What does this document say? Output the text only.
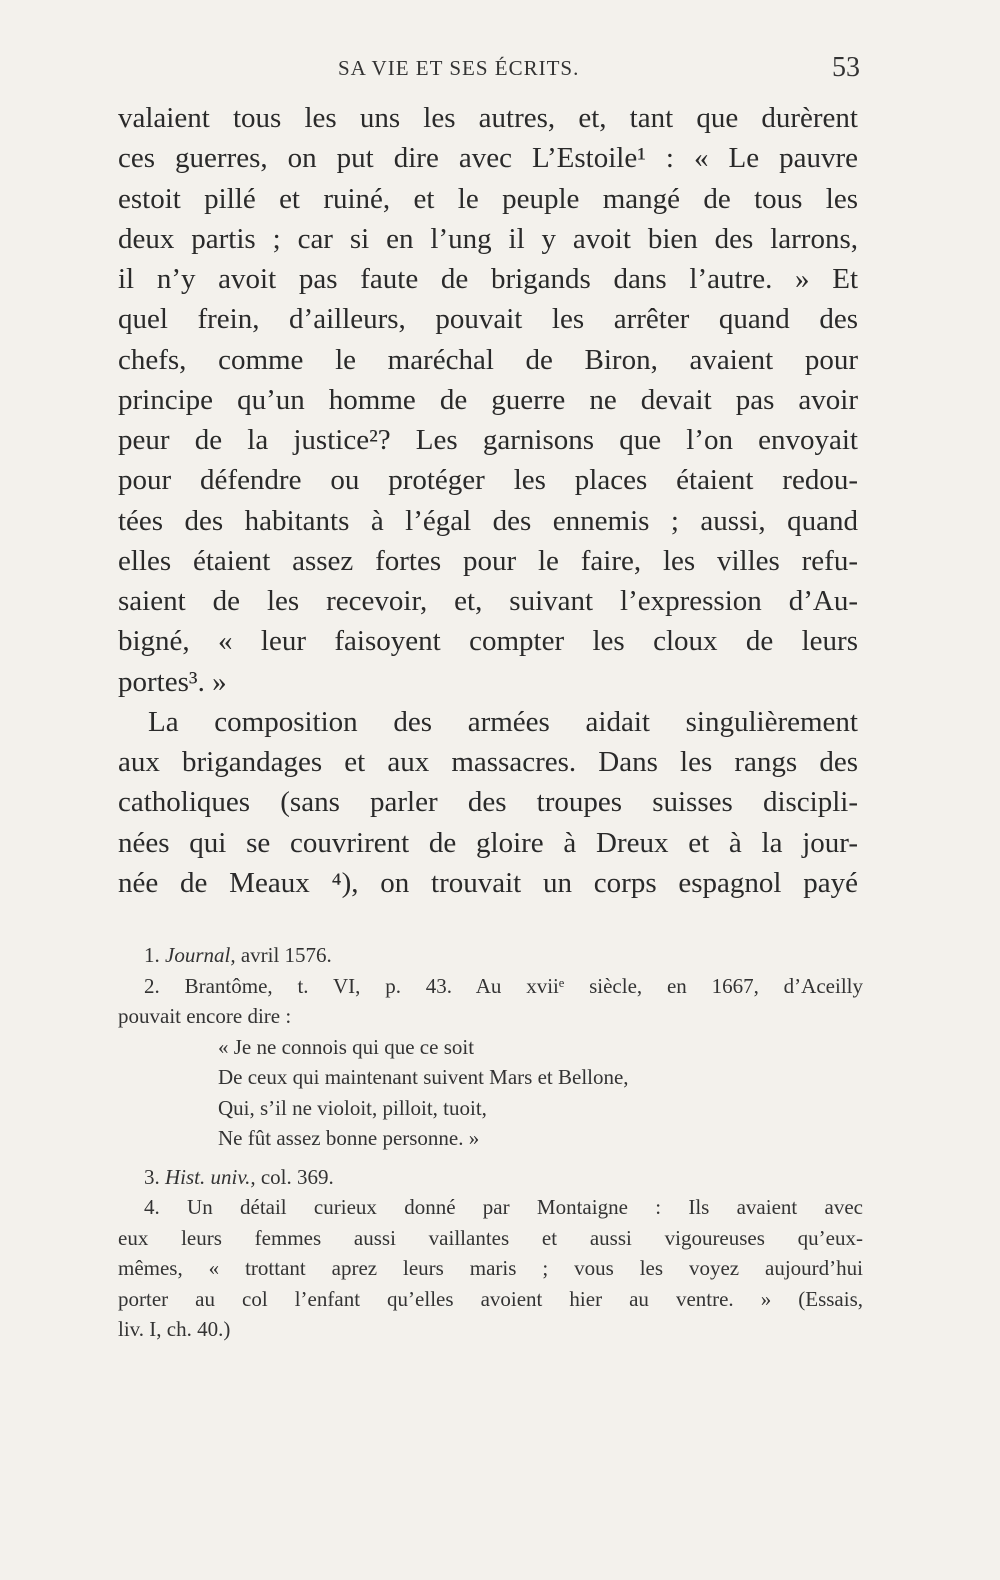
SA VIE ET SES ÉCRITS.	53
valaient tous les uns les autres, et, tant que durèrent
ces guerres, on put dire avec L’Estoile¹ : « Le pauvre
estoit pillé et ruiné, et le peuple mangé de tous les
deux partis ; car si en l’ung il y avoit bien des larrons,
il n’y avoit pas faute de brigands dans l’autre. » Et
quel frein, d’ailleurs, pouvait les arrêter quand des
chefs, comme le maréchal de Biron, avaient pour
principe qu’un homme de guerre ne devait pas avoir
peur de la justice²? Les garnisons que l’on envoyait
pour défendre ou protéger les places étaient redou-
tées des habitants à l’égal des ennemis ; aussi, quand
elles étaient assez fortes pour le faire, les villes refu-
saient de les recevoir, et, suivant l’expression d’Au-
bigné, « leur faisoyent compter les cloux de leurs
portes³. »
La composition des armées aidait singulièrement
aux brigandages et aux massacres. Dans les rangs des
catholiques (sans parler des troupes suisses discipli-
nées qui se couvrirent de gloire à Dreux et à la jour-
née de Meaux ⁴), on trouvait un corps espagnol payé
1. Journal, avril 1576.
2. Brantôme, t. VI, p. 43. Au xviiᵉ siècle, en 1667, d’Aceilly
pouvait encore dire :
« Je ne connois qui que ce soit
De ceux qui maintenant suivent Mars et Bellone,
Qui, s’il ne violoit, pilloit, tuoit,
Ne fût assez bonne personne. »
3. Hist. univ., col. 369.
4. Un détail curieux donné par Montaigne : Ils avaient avec
eux leurs femmes aussi vaillantes et aussi vigoureuses qu’eux-
mêmes, « trottant aprez leurs maris ; vous les voyez aujourd’hui
porter au col l’enfant qu’elles avoient hier au ventre. » (Essais,
liv. I, ch. 40.)
